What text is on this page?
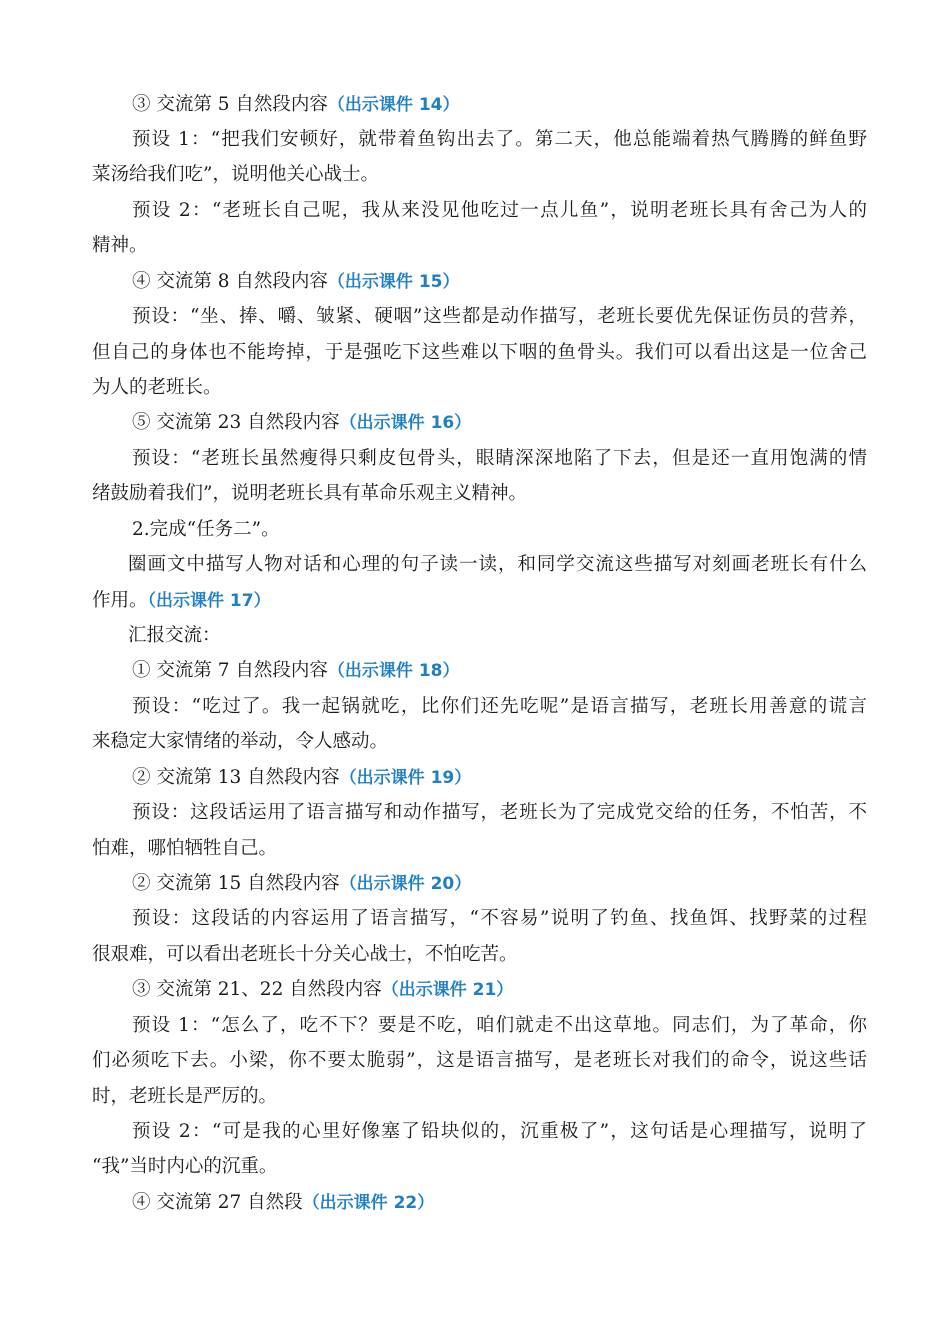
③ 交流第 5 自然段内容（出示课件 14）
预设 1：“把我们安顿好，就带着鱼钩出去了。第二天，他总能端着热气腾腾的鲜鱼野
菜汤给我们吃”，说明他关心战士。
预设 2：“老班长自己呢，我从来没见他吃过一点儿鱼”，说明老班长具有舍己为人的
精神。
④ 交流第 8 自然段内容（出示课件 15）
预设：“坐、捧、嚼、皱紧、硬咽”这些都是动作描写，老班长要优先保证伤员的营养，
但自己的身体也不能垮掉，于是强吃下这些难以下咽的鱼骨头。我们可以看出这是一位舍己
为人的老班长。
⑤ 交流第 23 自然段内容（出示课件 16）
预设：“老班长虽然瘦得只剩皮包骨头，眼睛深深地陷了下去，但是还一直用饱满的情
绪鼓励着我们”，说明老班长具有革命乐观主义精神。
2.完成“任务二”。
圈画文中描写人物对话和心理的句子读一读，和同学交流这些描写对刻画老班长有什么
作用。（出示课件 17）
汇报交流：
① 交流第 7 自然段内容（出示课件 18）
预设：“吃过了。我一起锅就吃，比你们还先吃呢”是语言描写，老班长用善意的谎言
来稳定大家情绪的举动，令人感动。
② 交流第 13 自然段内容（出示课件 19）
预设：这段话运用了语言描写和动作描写，老班长为了完成党交给的任务，不怕苦，不
怕难，哪怕牺牲自己。
② 交流第 15 自然段内容（出示课件 20）
预设：这段话的内容运用了语言描写，“不容易”说明了钓鱼、找鱼饵、找野菜的过程
很艰难，可以看出老班长十分关心战士，不怕吃苦。
③ 交流第 21、22 自然段内容（出示课件 21）
预设 1：“怎么了，吃不下？要是不吃，咱们就走不出这草地。同志们，为了革命，你
们必须吃下去。小梁，你不要太脆弱”，这是语言描写，是老班长对我们的命令，说这些话
时，老班长是严厉的。
预设 2：“可是我的心里好像塞了铅块似的，沉重极了”，这句话是心理描写，说明了
“我”当时内心的沉重。
④ 交流第 27 自然段（出示课件 22）
